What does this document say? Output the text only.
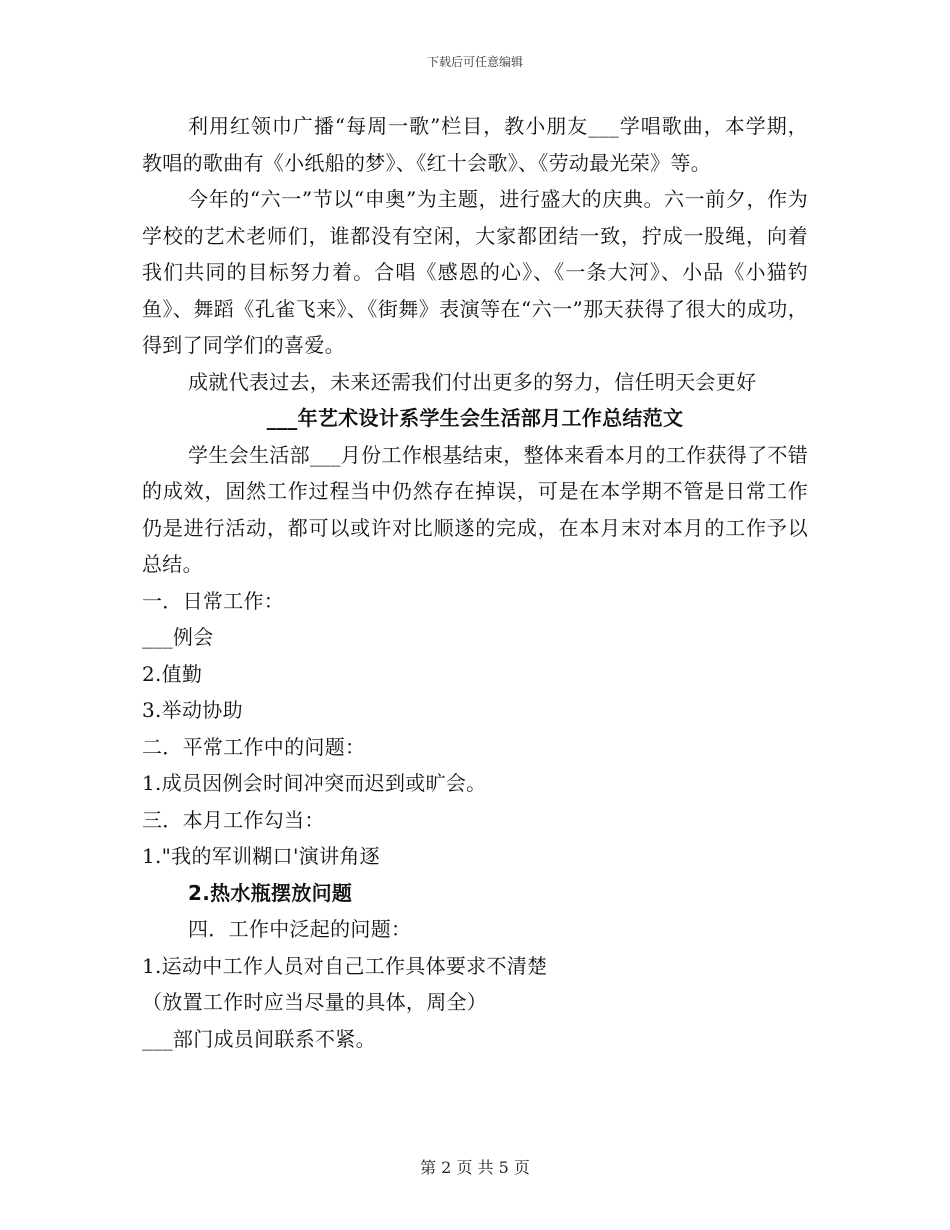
下载后可任意编辑

利用红领巾广播“每周一歌”栏目，教小朋友___学唱歌曲，本学期，教唱的歌曲有《小纸船的梦》、《红十会歌》、《劳动最光荣》等。

今年的“六一”节以“申奥”为主题，进行盛大的庆典。六一前夕，作为学校的艺术老师们，谁都没有空闲，大家都团结一致，拧成一股绳，向着我们共同的目标努力着。合唱《感恩的心》、《一条大河》、小品《小猫钓鱼》、舞蹈《孔雀飞来》、《街舞》表演等在“六一”那天获得了很大的成功，得到了同学们的喜爱。

成就代表过去，未来还需我们付出更多的努力，信任明天会更好

___年艺术设计系学生会生活部月工作总结范文

学生会生活部___月份工作根基结束，整体来看本月的工作获得了不错的成效，固然工作过程当中仍然存在掉误，可是在本学期不管是日常工作仍是进行活动，都可以或许对比顺遂的完成，在本月末对本月的工作予以总结。

一．日常工作：

___例会

2.值勤

3.举动协助

二．平常工作中的问题：

1.成员因例会时间冲突而迟到或旷会。

三．本月工作勾当：

1."我的军训糊口'演讲角逐

2.热水瓶摆放问题

四．工作中泛起的问题：

1.运动中工作人员对自己工作具体要求不清楚

（放置工作时应当尽量的具体，周全）

___部门成员间联系不紧。

第 2 页 共 5 页
